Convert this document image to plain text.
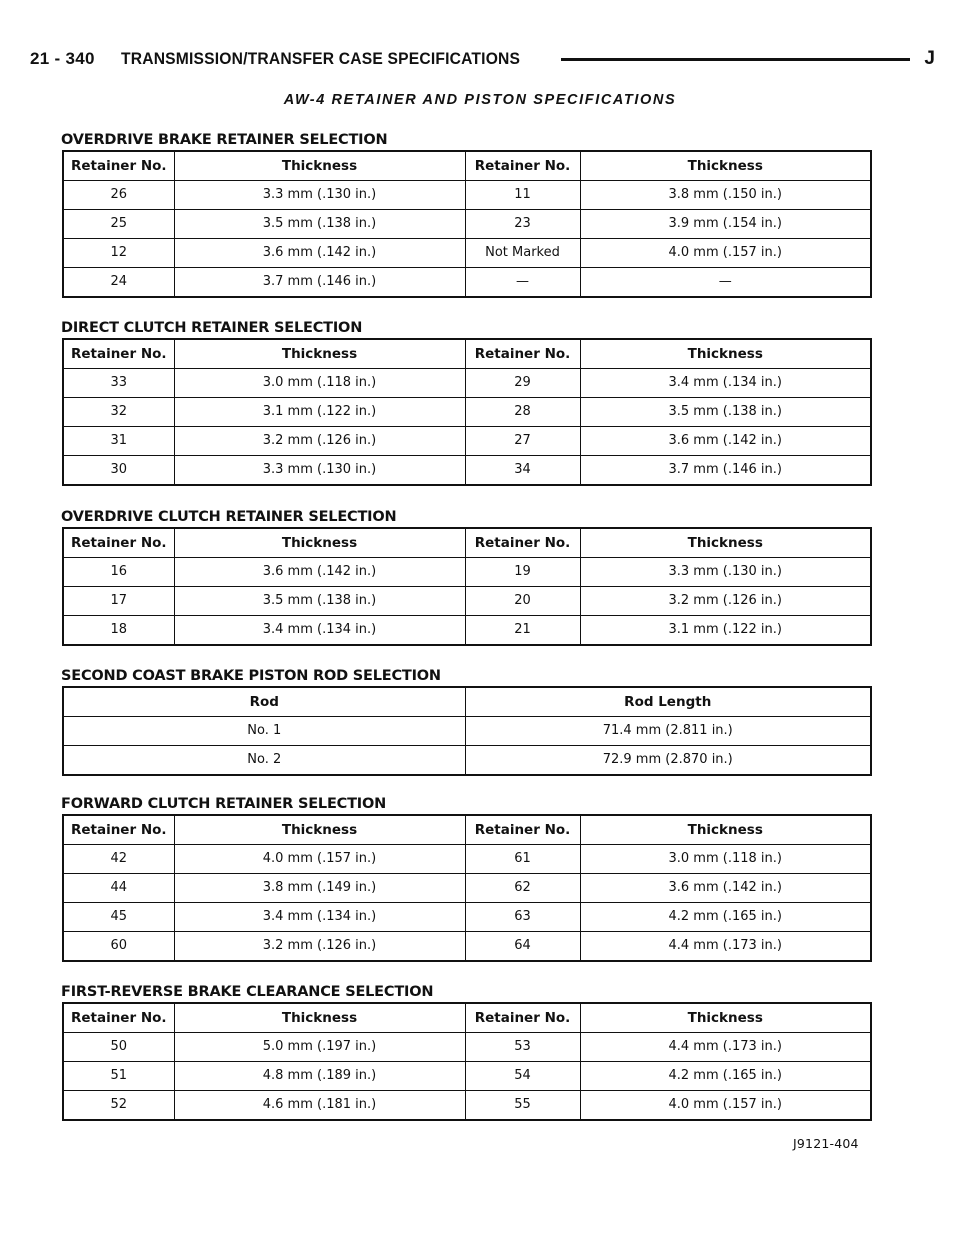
21 - 340 TRANSMISSION/TRANSFER CASE SPECIFICATIONS	J
AW-4 RETAINER AND PISTON SPECIFICATIONS
OVERDRIVE BRAKE RETAINER SELECTION
Retainer No.	Thickness	Retainer No.	Thickness
26	3.3 mm (.130 in.)	11	3.8 mm (.150 in.)
25	3.5 mm (.138 in.)	23	3.9 mm (.154 in.)
12	3.6 mm (.142 in.)	Not Marked	4.0 mm (.157 in.)
24	3.7 mm (.146 in.)	—	—
DIRECT CLUTCH RETAINER SELECTION
Retainer No.	Thickness	Retainer No.	Thickness
33	3.0 mm (.118 in.)	29	3.4 mm (.134 in.)
32	3.1 mm (.122 in.)	28	3.5 mm (.138 in.)
31	3.2 mm (.126 in.)	27	3.6 mm (.142 in.)
30	3.3 mm (.130 in.)	34	3.7 mm (.146 in.)
OVERDRIVE CLUTCH RETAINER SELECTION
Retainer No.	Thickness	Retainer No.	Thickness
16	3.6 mm (.142 in.)	19	3.3 mm (.130 in.)
17	3.5 mm (.138 in.)	20	3.2 mm (.126 in.)
18	3.4 mm (.134 in.)	21	3.1 mm (.122 in.)
SECOND COAST BRAKE PISTON ROD SELECTION
Rod	Rod Length
No. 1	71.4 mm (2.811 in.)
No. 2	72.9 mm (2.870 in.)
FORWARD CLUTCH RETAINER SELECTION
Retainer No.	Thickness	Retainer No.	Thickness
42	4.0 mm (.157 in.)	61	3.0 mm (.118 in.)
44	3.8 mm (.149 in.)	62	3.6 mm (.142 in.)
45	3.4 mm (.134 in.)	63	4.2 mm (.165 in.)
60	3.2 mm (.126 in.)	64	4.4 mm (.173 in.)
FIRST-REVERSE BRAKE CLEARANCE SELECTION
Retainer No.	Thickness	Retainer No.	Thickness
50	5.0 mm (.197 in.)	53	4.4 mm (.173 in.)
51	4.8 mm (.189 in.)	54	4.2 mm (.165 in.)
52	4.6 mm (.181 in.)	55	4.0 mm (.157 in.)
J9121-404
